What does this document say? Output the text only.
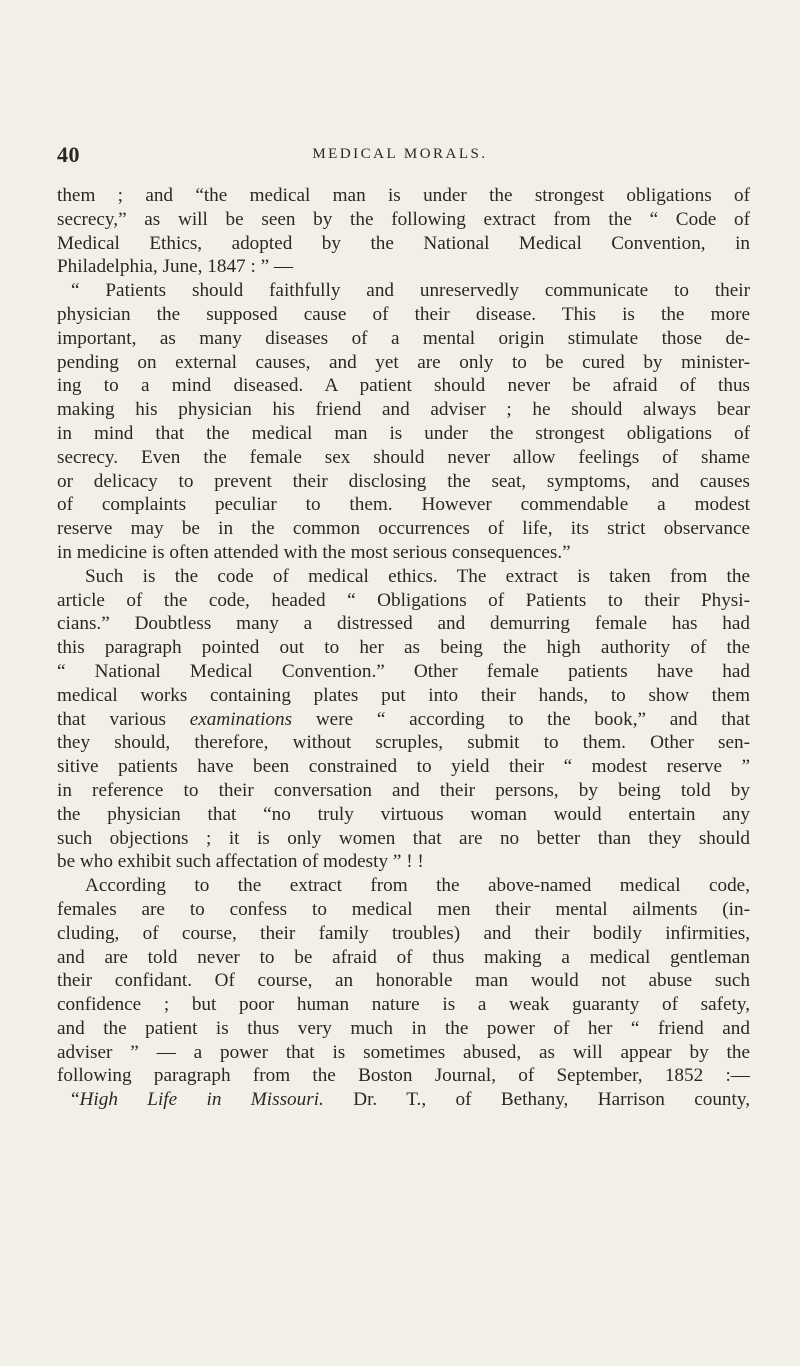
40	MEDICAL MORALS.
them ; and “the medical man is under the strongest obligations of
secrecy,” as will be seen by the following extract from the “ Code of
Medical Ethics, adopted by the National Medical Convention, in
Philadelphia, June, 1847 : ” —
“ Patients should faithfully and unreservedly communicate to their
physician the supposed cause of their disease. This is the more
important, as many diseases of a mental origin stimulate those de-
pending on external causes, and yet are only to be cured by minister-
ing to a mind diseased. A patient should never be afraid of thus
making his physician his friend and adviser ; he should always bear
in mind that the medical man is under the strongest obligations of
secrecy. Even the female sex should never allow feelings of shame
or delicacy to prevent their disclosing the seat, symptoms, and causes
of complaints peculiar to them. However commendable a modest
reserve may be in the common occurrences of life, its strict observance
in medicine is often attended with the most serious consequences.”
Such is the code of medical ethics. The extract is taken from the
article of the code, headed “ Obligations of Patients to their Physi-
cians.” Doubtless many a distressed and demurring female has had
this paragraph pointed out to her as being the high authority of the
“ National Medical Convention.” Other female patients have had
medical works containing plates put into their hands, to show them
that various examinations were “ according to the book,” and that
they should, therefore, without scruples, submit to them. Other sen-
sitive patients have been constrained to yield their “ modest reserve ”
in reference to their conversation and their persons, by being told by
the physician that “no truly virtuous woman would entertain any
such objections ; it is only women that are no better than they should
be who exhibit such affectation of modesty ” ! !
According to the extract from the above-named medical code,
females are to confess to medical men their mental ailments (in-
cluding, of course, their family troubles) and their bodily infirmities,
and are told never to be afraid of thus making a medical gentleman
their confidant. Of course, an honorable man would not abuse such
confidence ; but poor human nature is a weak guaranty of safety,
and the patient is thus very much in the power of her “ friend and
adviser ” — a power that is sometimes abused, as will appear by the
following paragraph from the Boston Journal, of September, 1852 :—
“High Life in Missouri. Dr. T., of Bethany, Harrison county,
